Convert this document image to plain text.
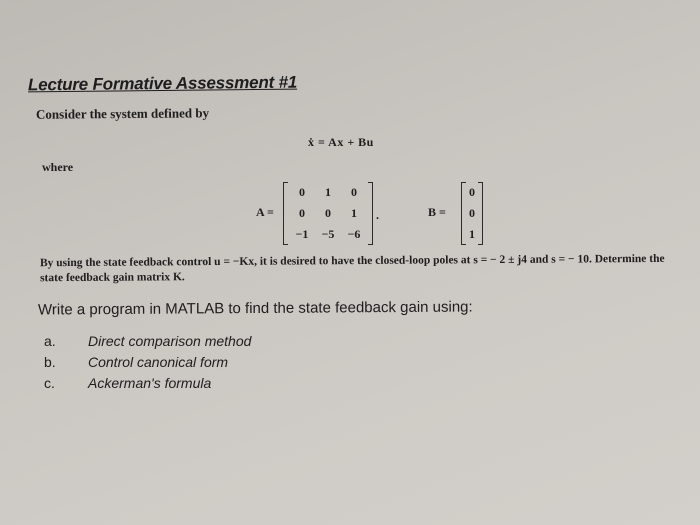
Lecture Formative Assessment #1
Consider the system defined by
ẋ = Ax + Bu
where
A =
0	1	0
0	0	1
−1	−5	−6
.	B =
0
0
1
By using the state feedback control u = −Kx, it is desired to have the closed-loop poles at s = − 2 ± j4 and s = − 10. Determine the state feedback gain matrix K.
Write a program in MATLAB to find the state feedback gain using:
a.	Direct comparison method
b.	Control canonical form
c.	Ackerman's formula
